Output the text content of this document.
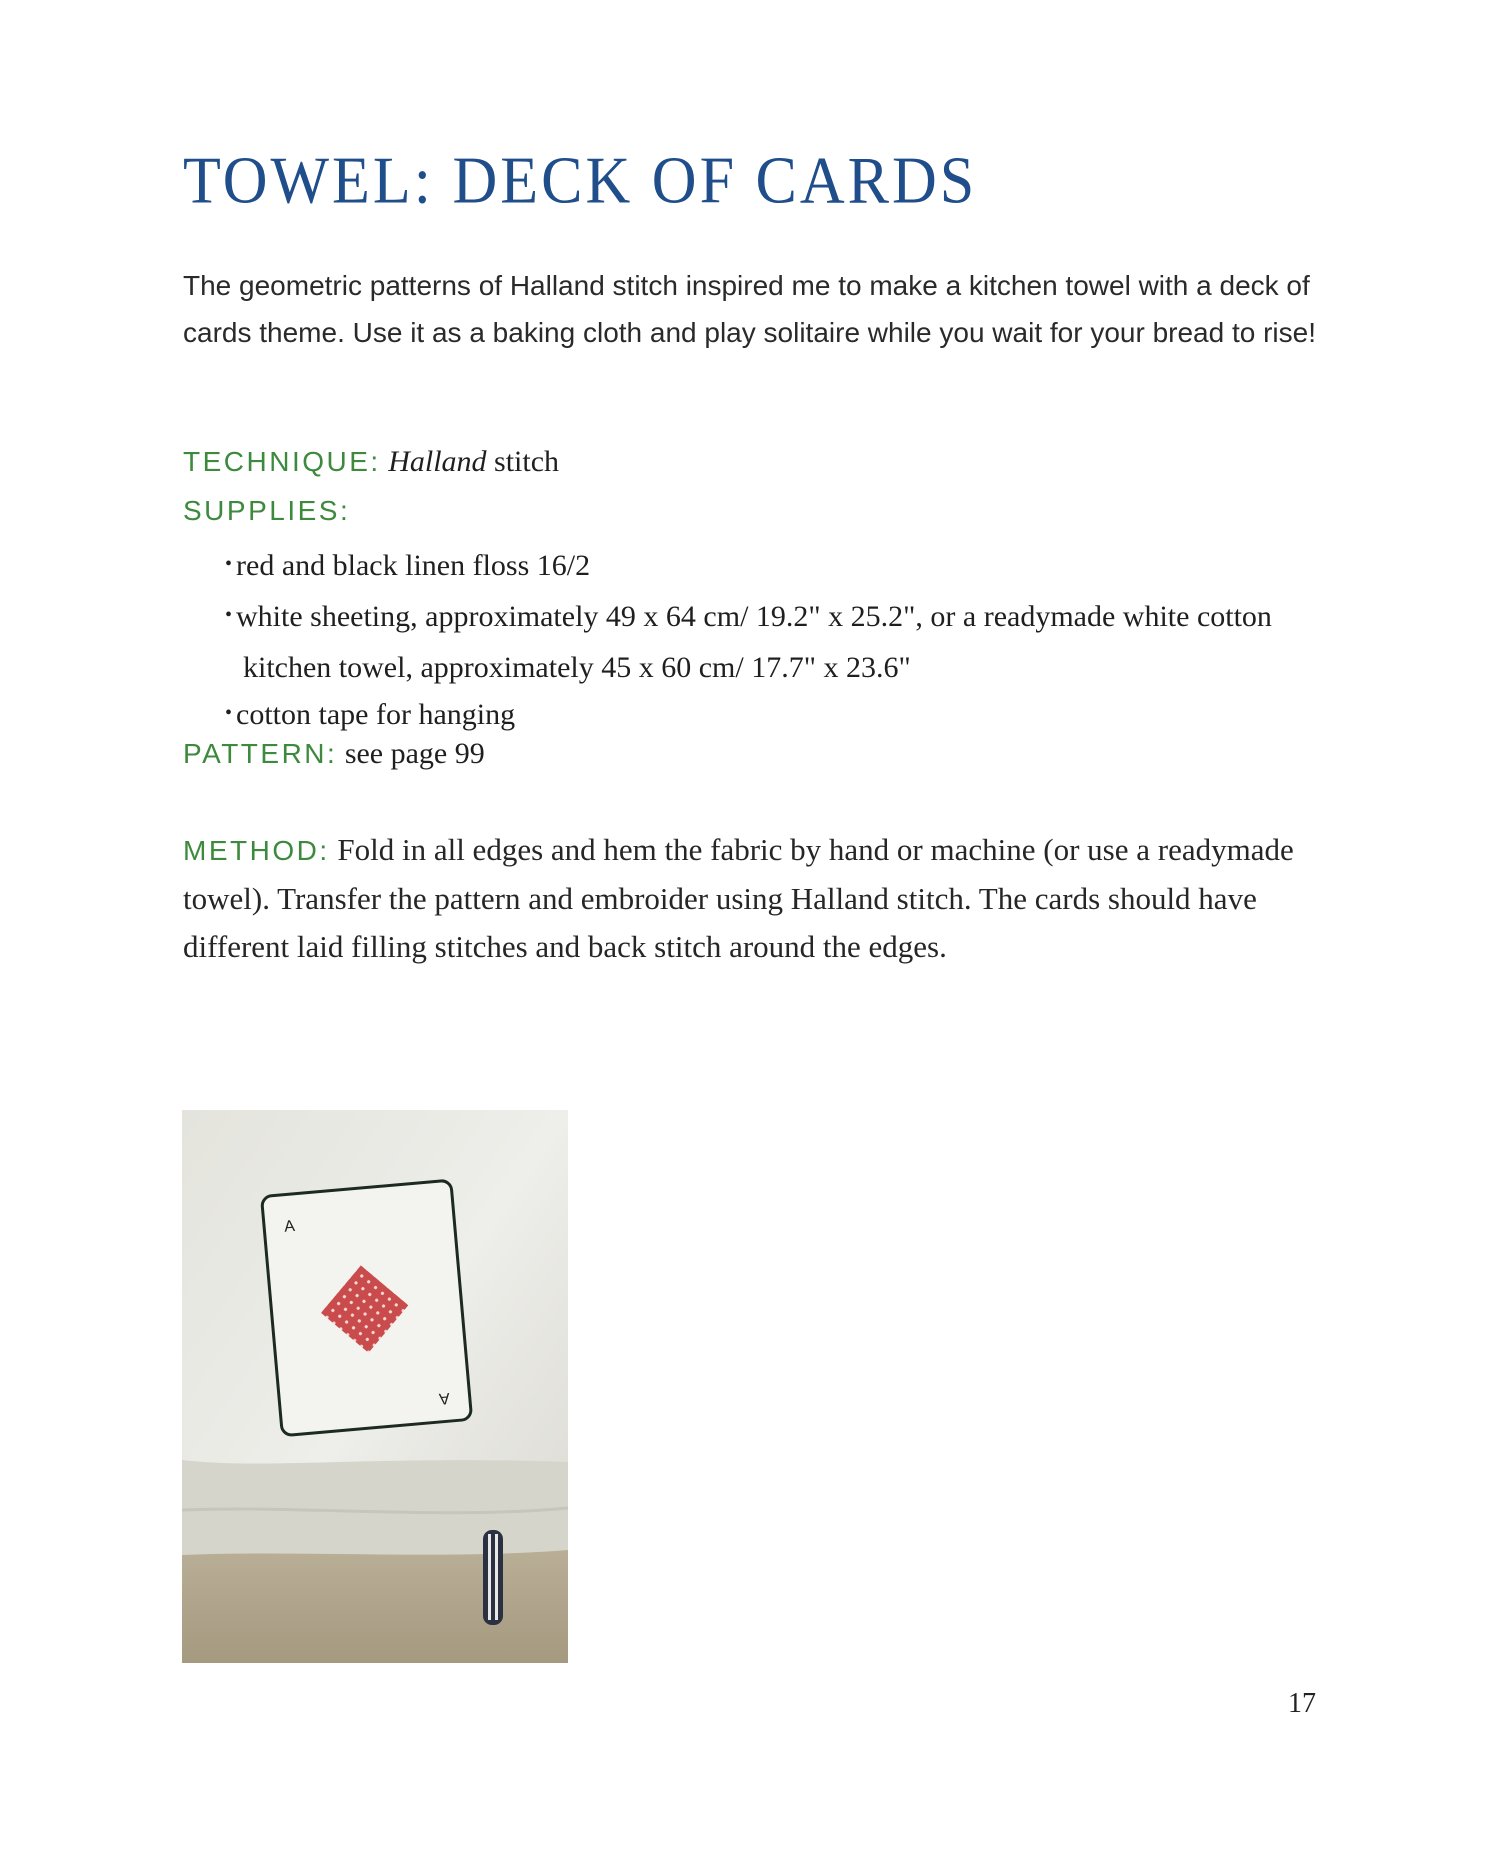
TOWEL: DECK OF CARDS

The geometric patterns of Halland stitch inspired me to make a kitchen towel with a deck of cards theme. Use it as a baking cloth and play solitaire while you wait for your bread to rise!

TECHNIQUE: Halland stitch

SUPPLIES:

• red and black linen floss 16/2
• white sheeting, approximately 49 x 64 cm/ 19.2" x 25.2", or a readymade white cotton kitchen towel, approximately 45 x 60 cm/ 17.7" x 23.6"
• cotton tape for hanging

PATTERN: see page 99

METHOD: Fold in all edges and hem the fabric by hand or machine (or use a readymade towel). Transfer the pattern and embroider using Halland stitch. The cards should have different laid filling stitches and back stitch around the edges.

A
A
17
